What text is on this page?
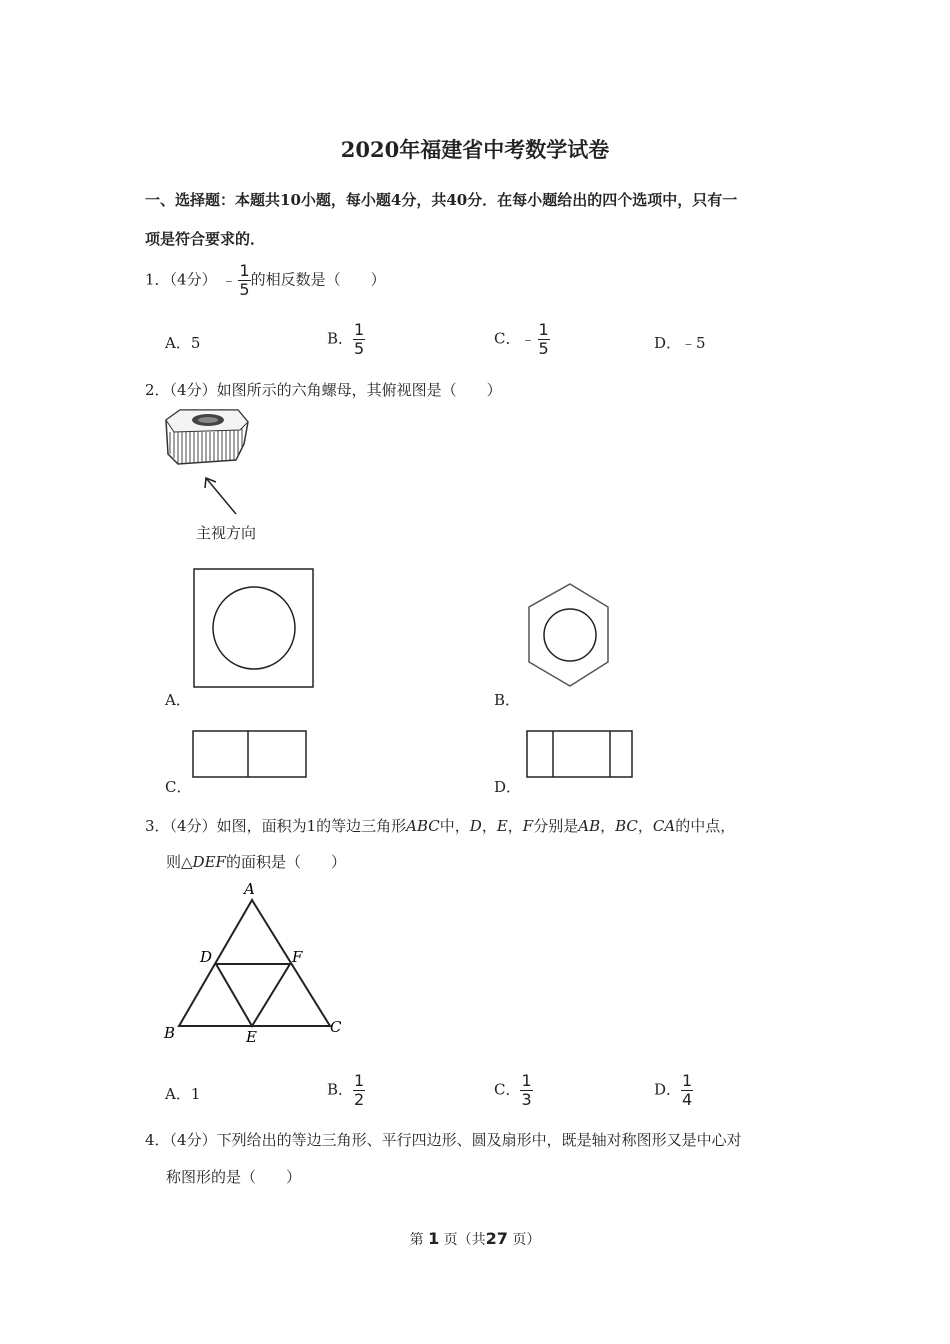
2020年福建省中考数学试卷
一、选择题：本题共10小题，每小题4分，共40分．在每小题给出的四个选项中，只有一
项是符合要求的．
1．（4分） ﹣ $\frac{1}{5}$ 的相反数是（　　）
A．5	B． $\frac{1}{5}$	C．﹣ $\frac{1}{5}$	D．﹣5
2．（4分）如图所示的六角螺母，其俯视图是（　　）
主视方向
A．	B．
C．	D．
3．（4分）如图，面积为1的等边三角形ABC中，D，E，F分别是AB，BC，CA的中点，
则△DEF的面积是（　　）
A
D	F
B	E
C
A．1	B． $\frac{1}{2}$	C． $\frac{1}{3}$	D． $\frac{1}{4}$
4．（4分）下列给出的等边三角形、平行四边形、圆及扇形中，既是轴对称图形又是中心对
称图形的是（　　）
第 1 页（共27 页）
